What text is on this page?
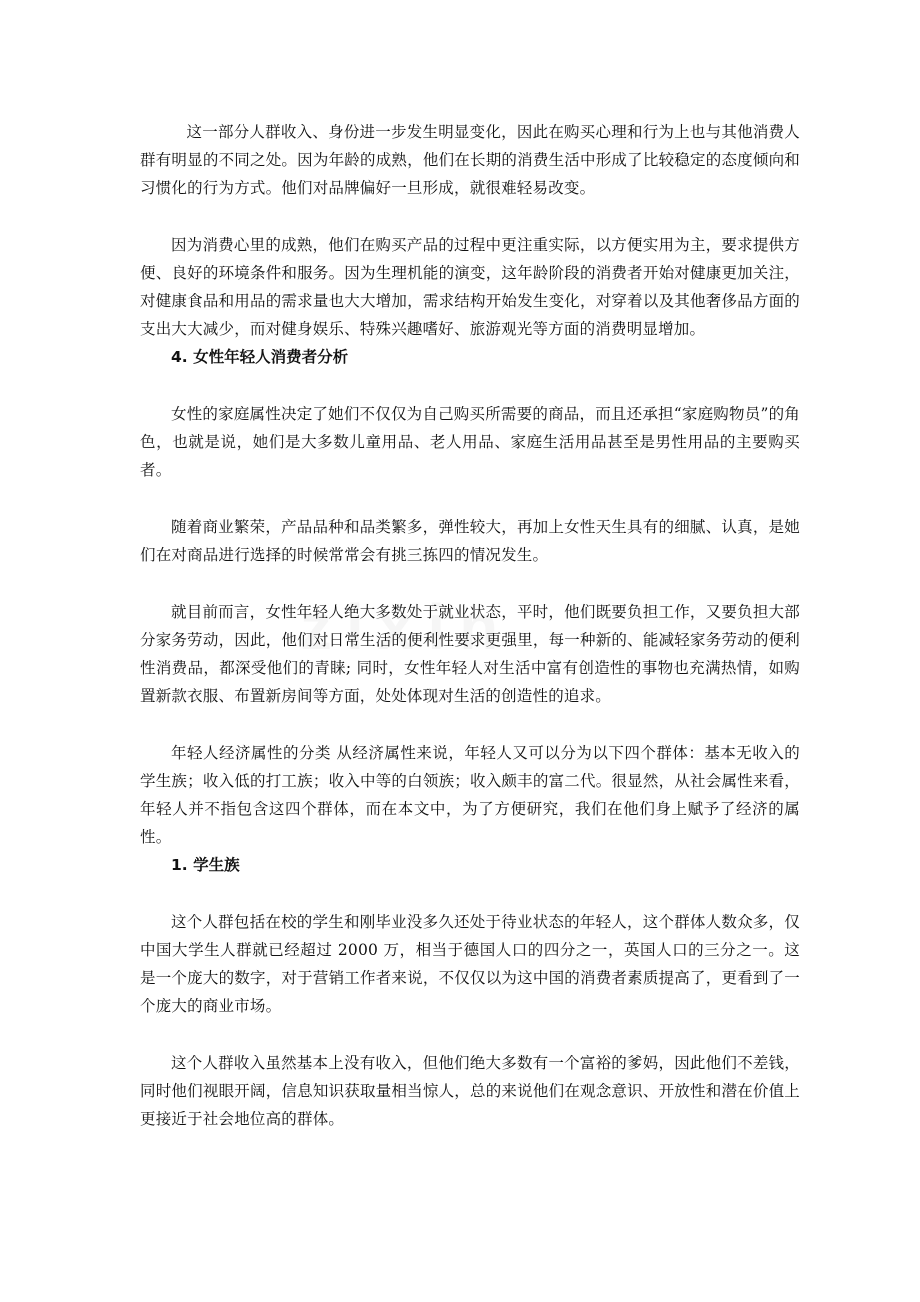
这一部分人群收入、身份进一步发生明显变化，因此在购买心理和行为上也与其他消费人群有明显的不同之处。因为年龄的成熟，他们在长期的消费生活中形成了比较稳定的态度倾向和习惯化的行为方式。他们对品牌偏好一旦形成，就很难轻易改变。

因为消费心里的成熟，他们在购买产品的过程中更注重实际，以方便实用为主，要求提供方便、良好的环境条件和服务。因为生理机能的演变，这年龄阶段的消费者开始对健康更加关注，对健康食品和用品的需求量也大大增加，需求结构开始发生变化，对穿着以及其他奢侈品方面的支出大大减少，而对健身娱乐、特殊兴趣嗜好、旅游观光等方面的消费明显增加。

4. 女性年轻人消费者分析

女性的家庭属性决定了她们不仅仅为自己购买所需要的商品，而且还承担“家庭购物员”的角色，也就是说，她们是大多数儿童用品、老人用品、家庭生活用品甚至是男性用品的主要购买者。

随着商业繁荣，产品品种和品类繁多，弹性较大，再加上女性天生具有的细腻、认真，是她们在对商品进行选择的时候常常会有挑三拣四的情况发生。

就目前而言，女性年轻人绝大多数处于就业状态，平时，他们既要负担工作，又要负担大部分家务劳动，因此，他们对日常生活的便利性要求更强里，每一种新的、能减轻家务劳动的便利性消费品，都深受他们的青睐; 同时，女性年轻人对生活中富有创造性的事物也充满热情，如购置新款衣服、布置新房间等方面，处处体现对生活的创造性的追求。

年轻人经济属性的分类 从经济属性来说，年轻人又可以分为以下四个群体：基本无收入的学生族；收入低的打工族；收入中等的白领族；收入颇丰的富二代。很显然，从社会属性来看，年轻人并不指包含这四个群体，而在本文中，为了方便研究，我们在他们身上赋予了经济的属性。

1. 学生族

这个人群包括在校的学生和刚毕业没多久还处于待业状态的年轻人，这个群体人数众多，仅中国大学生人群就已经超过 2000 万，相当于德国人口的四分之一，英国人口的三分之一。这是一个庞大的数字，对于营销工作者来说，不仅仅以为这中国的消费者素质提高了，更看到了一个庞大的商业市场。

这个人群收入虽然基本上没有收入，但他们绝大多数有一个富裕的爹妈，因此他们不差钱，同时他们视眼开阔，信息知识获取量相当惊人，总的来说他们在观念意识、开放性和潜在价值上更接近于社会地位高的群体。
